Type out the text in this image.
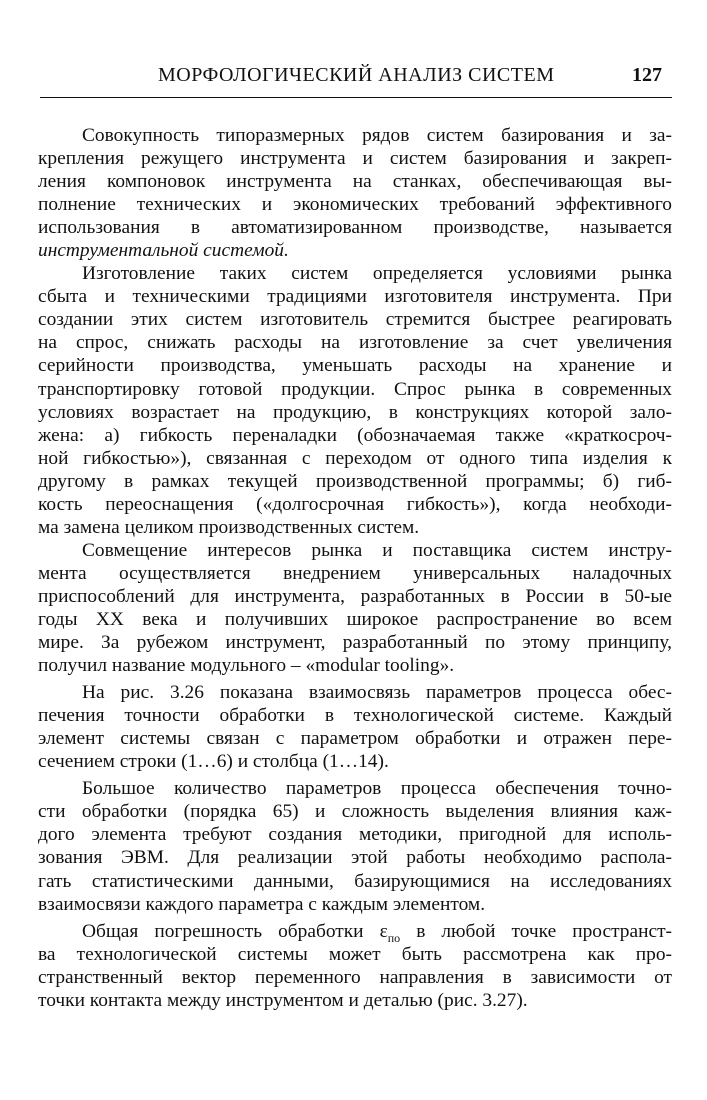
МОРФОЛОГИЧЕСКИЙ АНАЛИЗ СИСТЕМ	127
Совокупность типоразмерных рядов систем базирования и за-
крепления режущего инструмента и систем базирования и закреп-
ления компоновок инструмента на станках, обеспечивающая вы-
полнение технических и экономических требований эффективного
использования в автоматизированном производстве, называется
инструментальной системой.
Изготовление таких систем определяется условиями рынка
сбыта и техническими традициями изготовителя инструмента. При
создании этих систем изготовитель стремится быстрее реагировать
на спрос, снижать расходы на изготовление за счет увеличения
серийности производства, уменьшать расходы на хранение и
транспортировку готовой продукции. Спрос рынка в современных
условиях возрастает на продукцию, в конструкциях которой зало-
жена: а) гибкость переналадки (обозначаемая также «краткосроч-
ной гибкостью»), связанная с переходом от одного типа изделия к
другому в рамках текущей производственной программы; б) гиб-
кость переоснащения («долгосрочная гибкость»), когда необходи-
ма замена целиком производственных систем.
Совмещение интересов рынка и поставщика систем инстру-
мента осуществляется внедрением универсальных наладочных
приспособлений для инструмента, разработанных в России в 50-ые
годы XX века и получивших широкое распространение во всем
мире. За рубежом инструмент, разработанный по этому принципу,
получил название модульного – «modular tooling».
На рис. 3.26 показана взаимосвязь параметров процесса обес-
печения точности обработки в технологической системе. Каждый
элемент системы связан с параметром обработки и отражен пере-
сечением строки (1…6) и столбца (1…14).
Большое количество параметров процесса обеспечения точно-
сти обработки (порядка 65) и сложность выделения влияния каж-
дого элемента требуют создания методики, пригодной для исполь-
зования ЭВМ. Для реализации этой работы необходимо распола-
гать статистическими данными, базирующимися на исследованиях
взаимосвязи каждого параметра с каждым элементом.
Общая погрешность обработки $\varepsilon_{по}$ в любой точке пространст-
ва технологической системы может быть рассмотрена как про-
странственный вектор переменного направления в зависимости от
точки контакта между инструментом и деталью (рис. 3.27).
